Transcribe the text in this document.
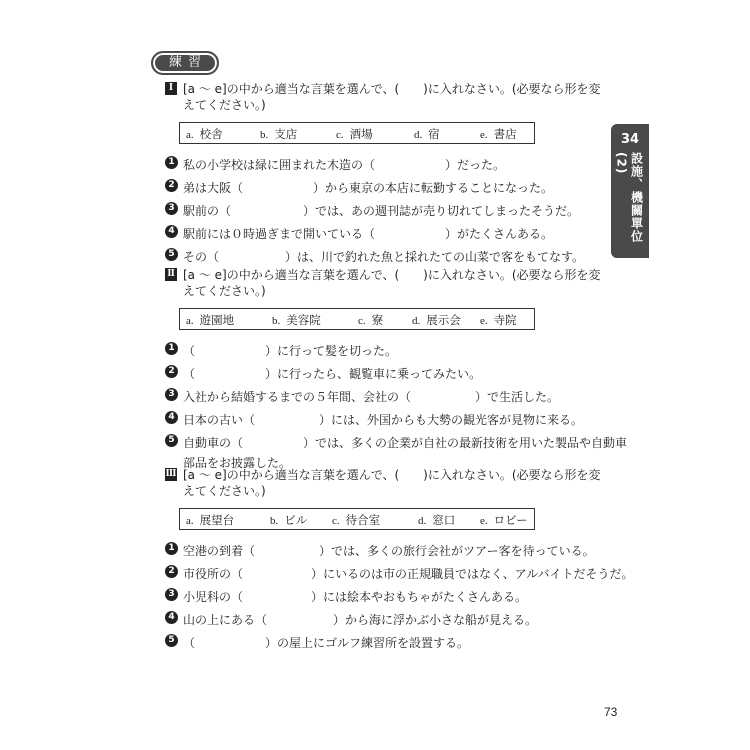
練習
34
設施、機關單位(2)
Ⅰ [a ～ e]の中から適当な言葉を選んで、(　　)に入れなさい。(必要なら形を変えてください。)
a. 校舎	b. 支店	c. 酒場	d. 宿	e. 書店
1 私の小学校は緑に囲まれた木造の（	）だった。
2 弟は大阪（	）から東京の本店に転勤することになった。
3 駅前の（	）では、あの週刊誌が売り切れてしまったそうだ。
4 駅前には０時過ぎまで開いている（	）がたくさんある。
5 その（	）は、川で釣れた魚と採れたての山菜で客をもてなす。
Ⅱ [a ～ e]の中から適当な言葉を選んで、(　　)に入れなさい。(必要なら形を変えてください。)
a. 遊園地	b. 美容院	c. 寮	d. 展示会 e. 寺院
1 （	）に行って髪を切った。
2 （	）に行ったら、観覧車に乗ってみたい。
3 入社から結婚するまでの５年間、会社の（	）で生活した。
4 日本の古い（	）には、外国からも大勢の観光客が見物に来る。
5 自動車の（	）では、多くの企業が自社の最新技術を用いた製品や自動車
部品をお披露した。
Ⅲ [a ～ e]の中から適当な言葉を選んで、(　　)に入れなさい。(必要なら形を変えてください。)
a. 展望台	b. ビル c. 待合室	d. 窓口 e. ロビー
1 空港の到着（	）では、多くの旅行会社がツアー客を待っている。
2 市役所の（	）にいるのは市の正規職員ではなく、アルバイトだそうだ。
3 小児科の（	）には絵本やおもちゃがたくさんある。
4 山の上にある（	）から海に浮かぶ小さな船が見える。
5 （	）の屋上にゴルフ練習所を設置する。
73
